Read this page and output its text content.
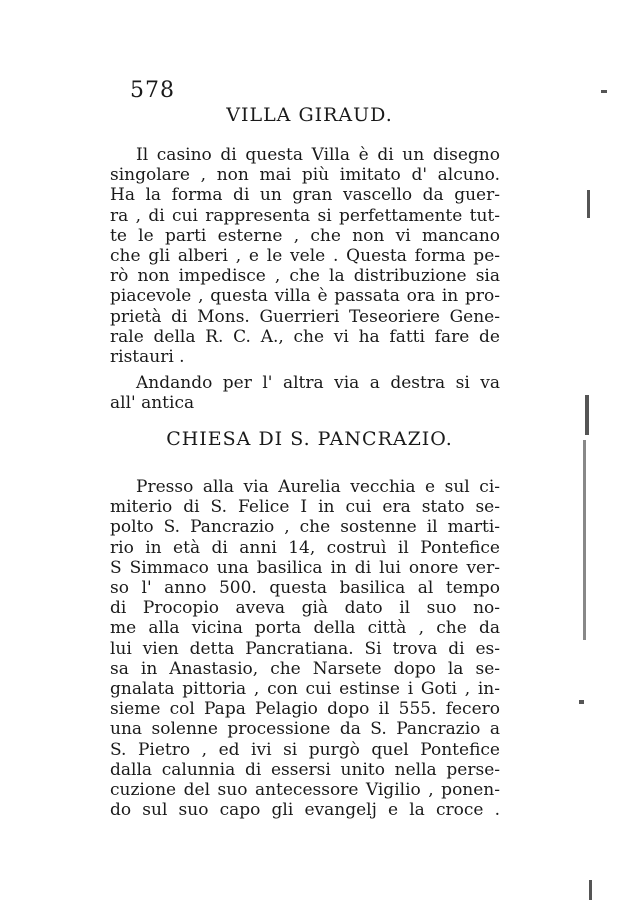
578
VILLA GIRAUD.
Il casino di questa Villa è di un disegno
singolare , non mai più imitato d' alcuno.
Ha la forma di un gran vascello da guer-
ra , di cui rappresenta si perfettamente tut-
te le parti esterne , che non vi mancano
che gli alberi , e le vele . Questa forma pe-
rò non impedisce , che la distribuzione sia
piacevole , questa villa è passata ora in pro-
prietà di Mons. Guerrieri Teseoriere Gene-
rale della R. C. A., che vi ha fatti fare de
ristauri .
Andando per l' altra via a destra si va
all' antica
CHIESA DI S. PANCRAZIO.
Presso alla via Aurelia vecchia e sul ci-
miterio di S. Felice I in cui era stato se-
polto S. Pancrazio , che sostenne il marti-
rio in età di anni 14, costruì il Pontefice
S Simmaco una basilica in di lui onore ver-
so l' anno 500. questa basilica al tempo
di Procopio aveva già dato il suo no-
me alla vicina porta della città , che da
lui vien detta Pancratiana. Si trova di es-
sa in Anastasio, che Narsete dopo la se-
gnalata pittoria , con cui estinse i Goti , in-
sieme col Papa Pelagio dopo il 555. fecero
una solenne processione da S. Pancrazio a
S. Pietro , ed ivi si purgò quel Pontefice
dalla calunnia di essersi unito nella perse-
cuzione del suo antecessore Vigilio , ponen-
do sul suo capo gli evangelj e la croce .
